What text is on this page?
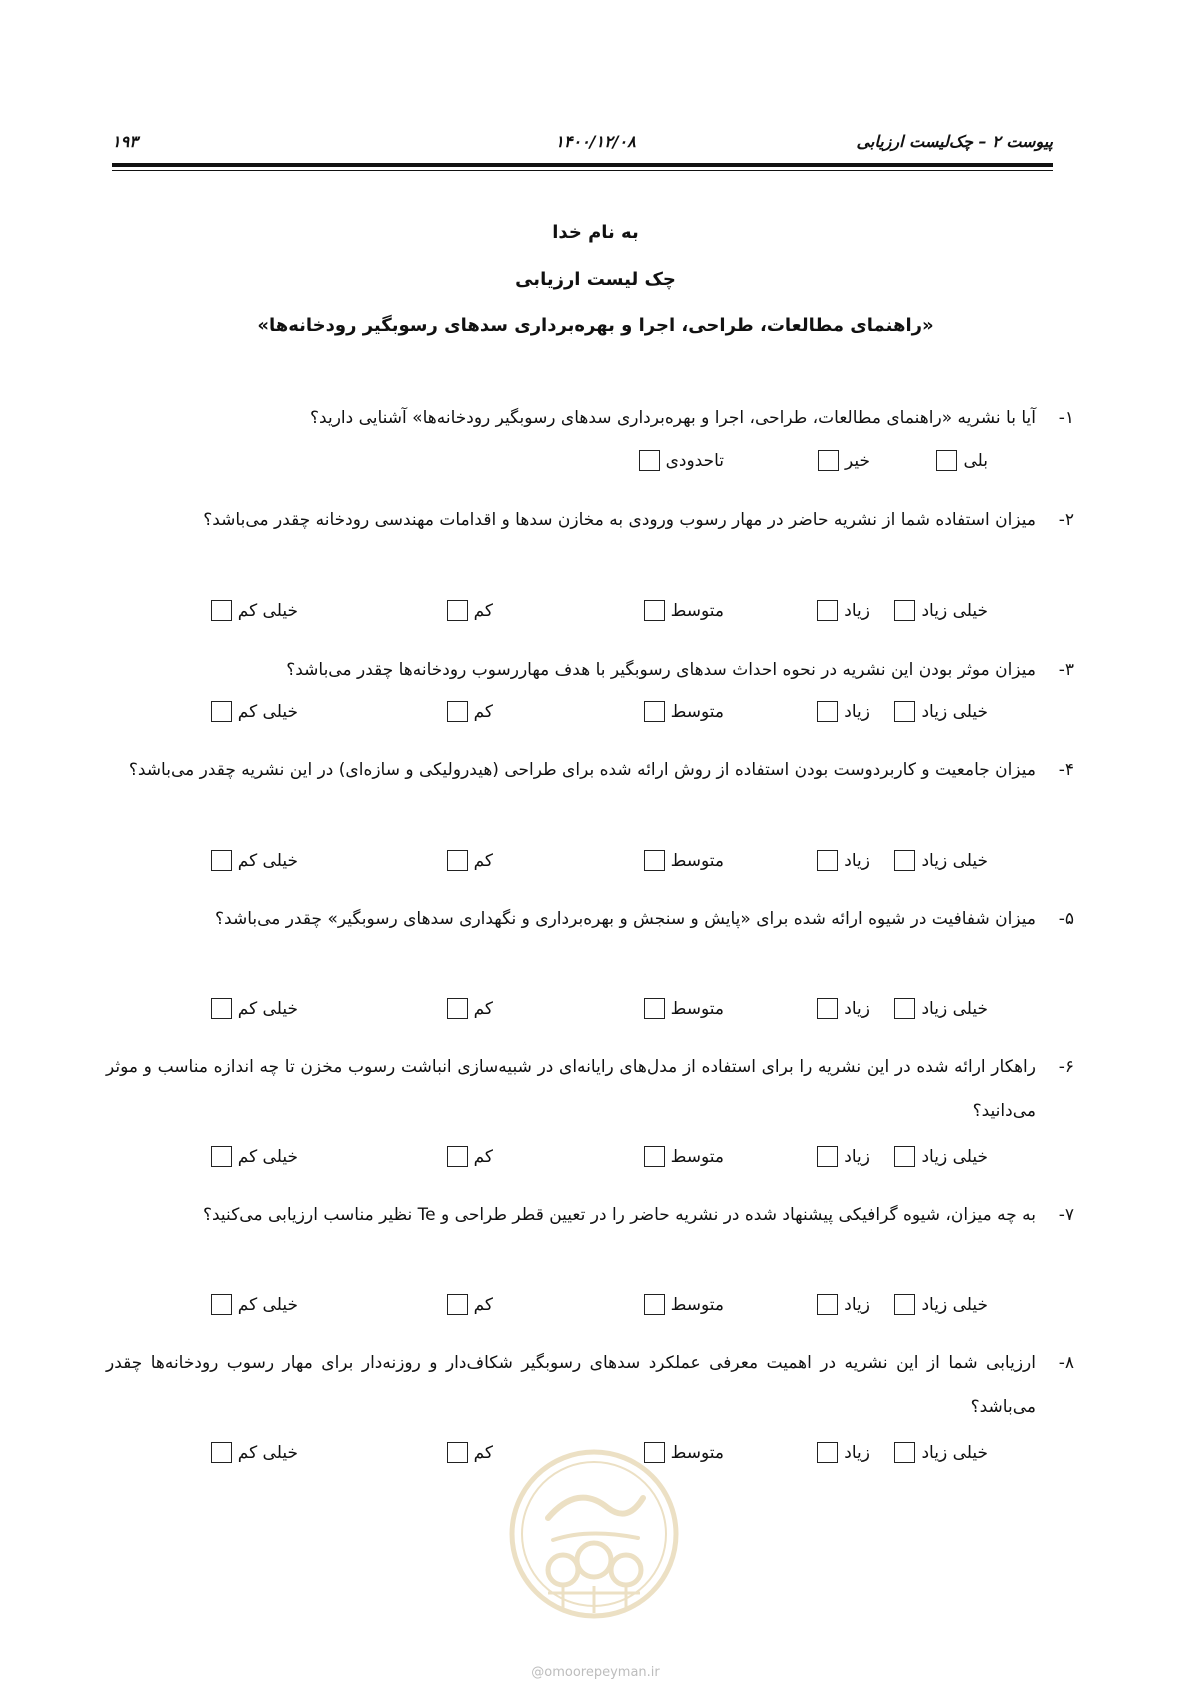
پیوست ۲ – چک‌لیست ارزیابی
۱۴۰۰/۱۲/۰۸
۱۹۳
به نام خدا
چک لیست ارزیابی
«راهنمای مطالعات، طراحی، اجرا و بهره‌برداری سدهای رسوبگیر رودخانه‌ها»
۱-
آیا با نشریه «راهنمای مطالعات، طراحی، اجرا و بهره‌برداری سدهای رسوبگیر رودخانه‌ها» آشنایی دارید؟
بلی
خیر
تاحدودی
۲-
میزان استفاده شما از نشریه حاضر در مهار رسوب ورودی به مخازن سدها و اقدامات مهندسی رودخانه چقدر می‌باشد؟
خیلی زیاد
زیاد
متوسط
کم
خیلی کم
۳-
میزان موثر بودن این نشریه در نحوه احداث سدهای رسوبگیر با هدف مهاررسوب رودخانه‌ها چقدر می‌باشد؟
خیلی زیاد
زیاد
متوسط
کم
خیلی کم
۴-
میزان جامعیت و کاربردوست بودن استفاده از روش ارائه شده برای طراحی (هیدرولیکی و سازه‌ای) در این نشریه چقدر می‌باشد؟
خیلی زیاد
زیاد
متوسط
کم
خیلی کم
۵-
میزان شفافیت در شیوه ارائه شده برای «پایش و سنجش و بهره‌برداری و نگهداری سدهای رسوبگیر» چقدر می‌باشد؟
خیلی زیاد
زیاد
متوسط
کم
خیلی کم
۶-
راهکار ارائه شده در این نشریه را برای استفاده از مدل‌های رایانه‌ای در شبیه‌سازی انباشت رسوب مخزن تا چه اندازه مناسب و موثر می‌دانید؟
خیلی زیاد
زیاد
متوسط
کم
خیلی کم
۷-
به چه میزان، شیوه گرافیکی پیشنهاد شده در نشریه حاضر را در تعیین قطر طراحی و Te نظیر مناسب ارزیابی می‌کنید؟
خیلی زیاد
زیاد
متوسط
کم
خیلی کم
۸-
ارزیابی شما از این نشریه در اهمیت معرفی عملکرد سدهای رسوبگیر شکاف‌دار و روزنه‌دار برای مهار رسوب رودخانه‌ها چقدر می‌باشد؟
خیلی زیاد
زیاد
متوسط
کم
خیلی کم
@omoorepeyman.ir
